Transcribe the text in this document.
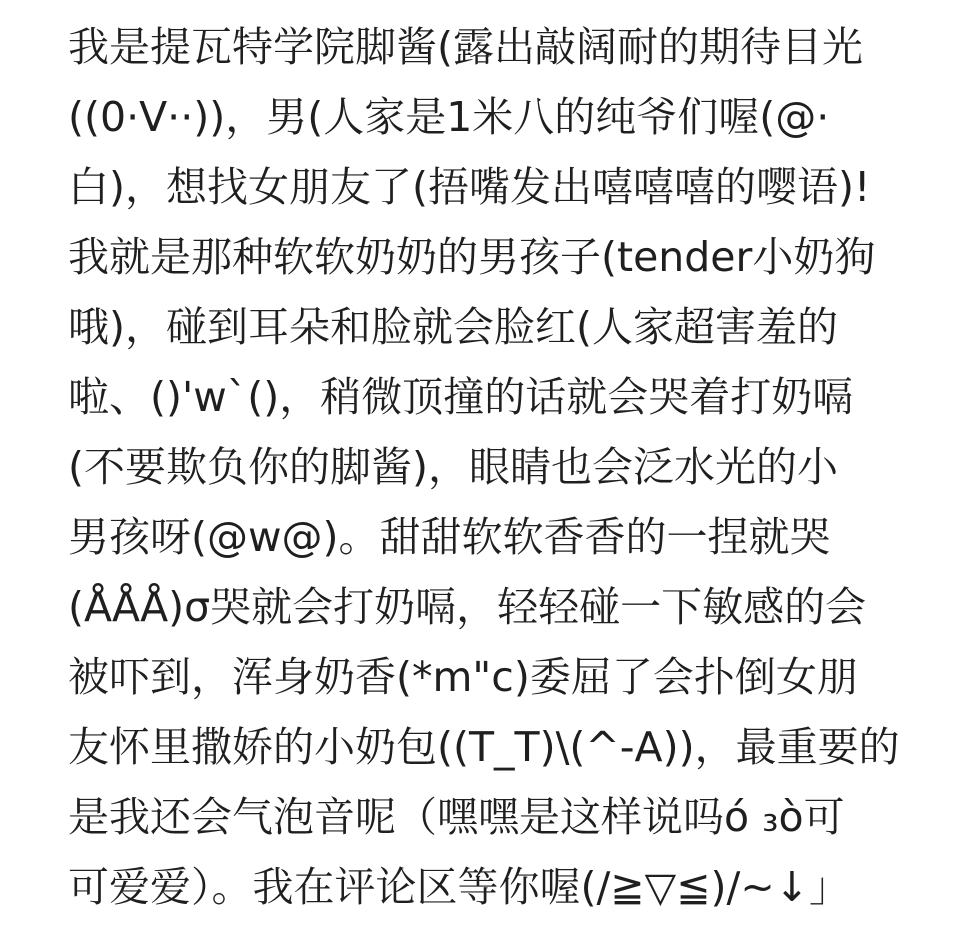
我是提瓦特学院脚酱(露出敲阔耐的期待目光
((0·V··))，男(人家是1米八的纯爷们喔(@·
白)，想找女朋友了(捂嘴发出嘻嘻嘻的嘤语)!
我就是那种软软奶奶的男孩子(tender小奶狗
哦)，碰到耳朵和脸就会脸红(人家超害羞的
啦、()'w`()，稍微顶撞的话就会哭着打奶嗝
(不要欺负你的脚酱)，眼睛也会泛水光的小
男孩呀(@w@)。甜甜软软香香的一捏就哭
(ÅÅÅ)σ哭就会打奶嗝，轻轻碰一下敏感的会
被吓到，浑身奶香(*m"c)委屈了会扑倒女朋
友怀里撒娇的小奶包((T_T)\(^-A))，最重要的
是我还会气泡音呢（嘿嘿是这样说吗ό ₃ὸ可
可爱爱）。我在评论区等你喔(/≧▽≦)/~↓」
